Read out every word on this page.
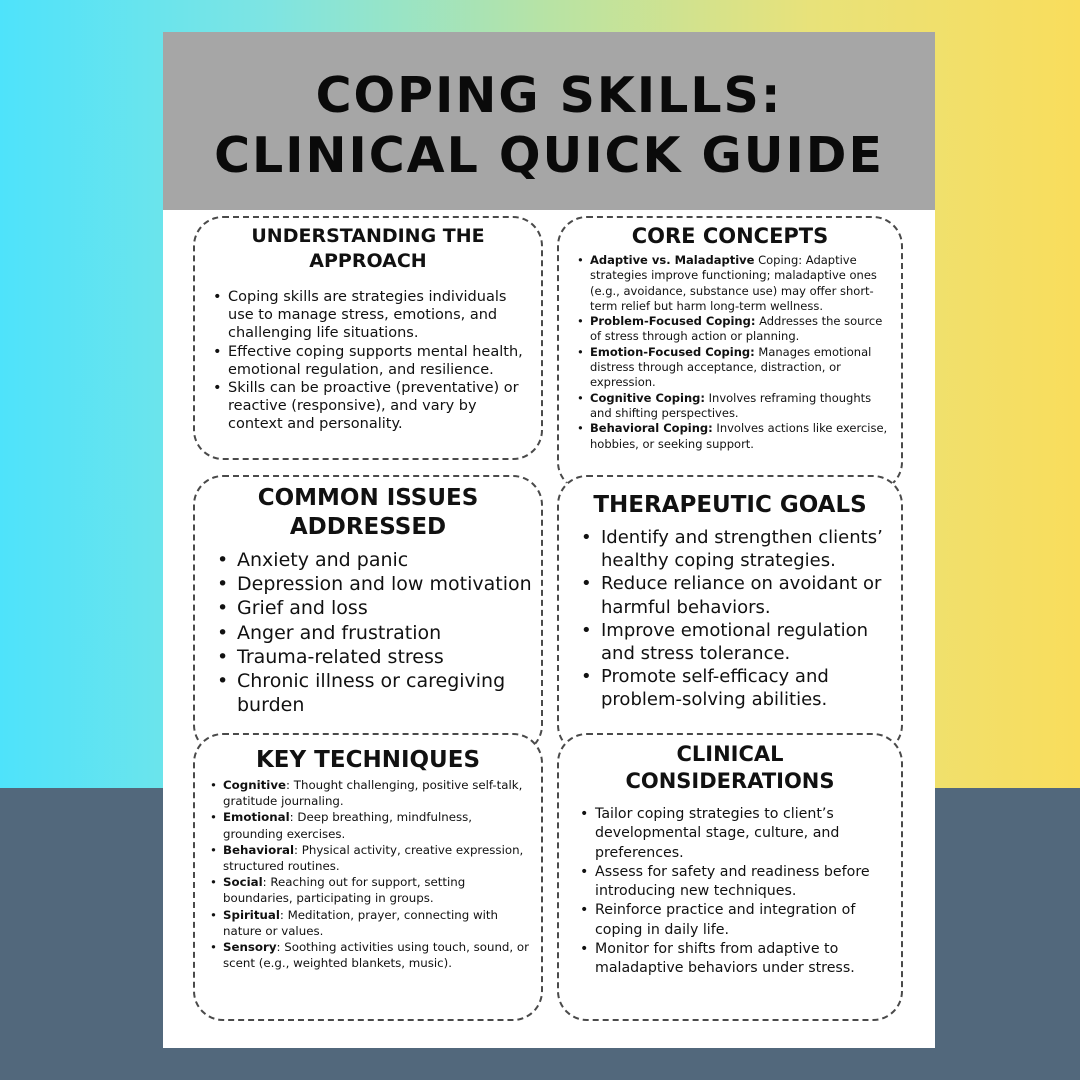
COPING SKILLS:
CLINICAL QUICK GUIDE
UNDERSTANDING THE
APPROACH
• Coping skills are strategies individuals use to manage stress, emotions, and challenging life situations.
• Effective coping supports mental health, emotional regulation, and resilience.
• Skills can be proactive (preventative) or reactive (responsive), and vary by context and personality.
CORE CONCEPTS
• Adaptive vs. Maladaptive Coping: Adaptive strategies improve functioning; maladaptive ones (e.g., avoidance, substance use) may offer short-term relief but harm long-term wellness.
• Problem-Focused Coping: Addresses the source of stress through action or planning.
• Emotion-Focused Coping: Manages emotional distress through acceptance, distraction, or expression.
• Cognitive Coping: Involves reframing thoughts and shifting perspectives.
• Behavioral Coping: Involves actions like exercise, hobbies, or seeking support.
COMMON ISSUES
ADDRESSED
• Anxiety and panic
• Depression and low motivation
• Grief and loss
• Anger and frustration
• Trauma-related stress
• Chronic illness or caregiving burden
THERAPEUTIC GOALS
• Identify and strengthen clients’ healthy coping strategies.
• Reduce reliance on avoidant or harmful behaviors.
• Improve emotional regulation and stress tolerance.
• Promote self-efficacy and problem-solving abilities.
KEY TECHNIQUES
• Cognitive: Thought challenging, positive self-talk, gratitude journaling.
• Emotional: Deep breathing, mindfulness, grounding exercises.
• Behavioral: Physical activity, creative expression, structured routines.
• Social: Reaching out for support, setting boundaries, participating in groups.
• Spiritual: Meditation, prayer, connecting with nature or values.
• Sensory: Soothing activities using touch, sound, or scent (e.g., weighted blankets, music).
CLINICAL
CONSIDERATIONS
• Tailor coping strategies to client’s developmental stage, culture, and preferences.
• Assess for safety and readiness before introducing new techniques.
• Reinforce practice and integration of coping in daily life.
• Monitor for shifts from adaptive to maladaptive behaviors under stress.
